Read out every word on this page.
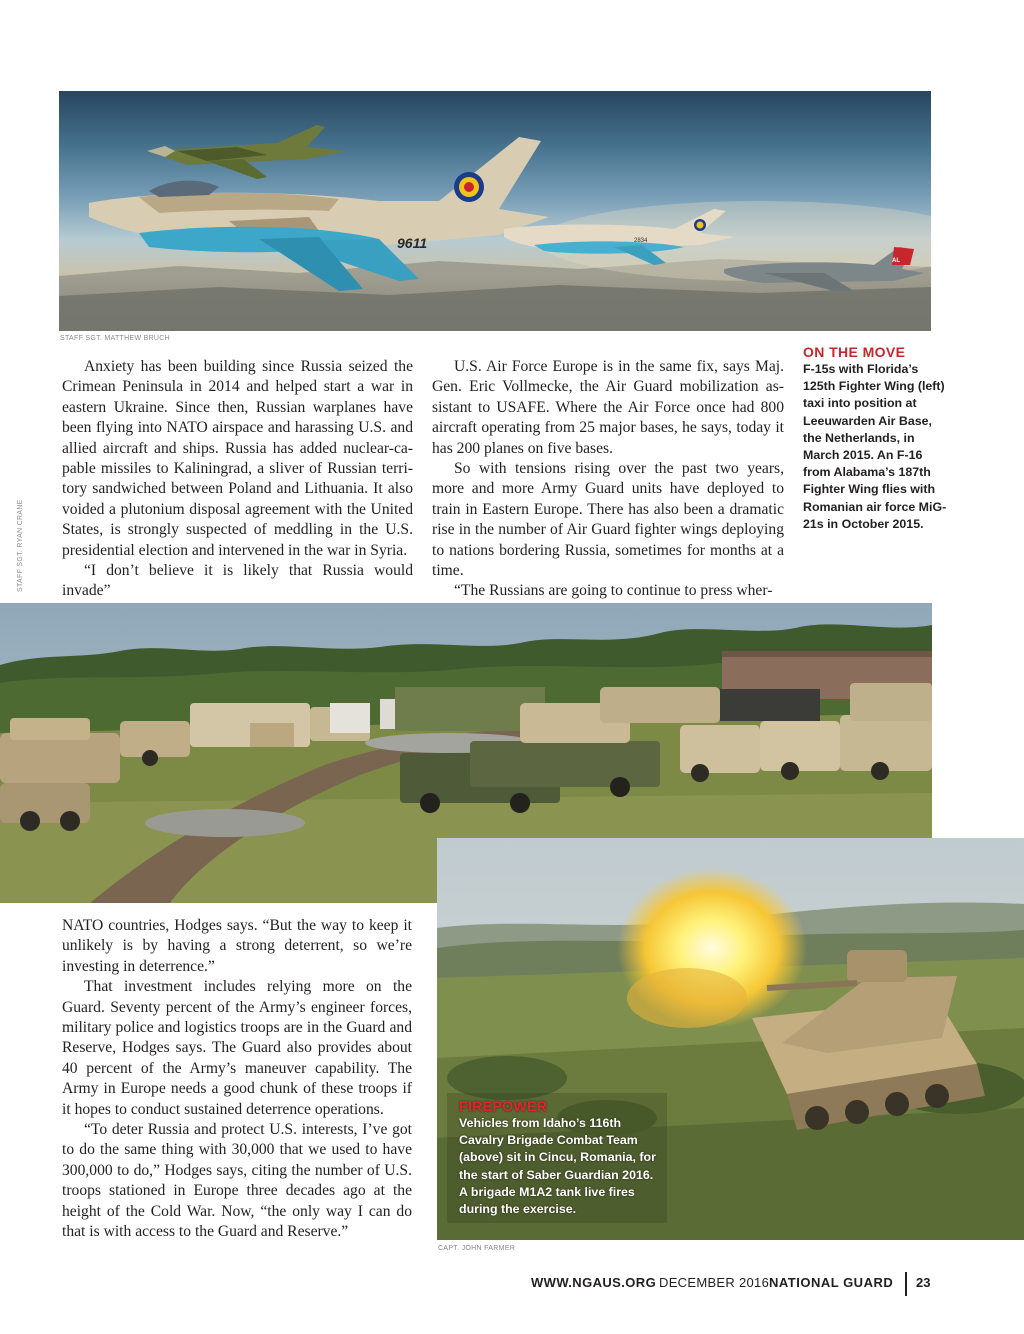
9611	2834
AL
STAFF SGT. MATTHEW BRUCH
ON THE MOVE
F-15s with Florida’s 125th Fighter Wing (left) taxi into position at Leeuwarden Air Base, the Netherlands, in March 2015. An F-16 from Alabama’s 187th Fighter Wing flies with Romanian air force MiG-21s in October 2015.

Anxiety has been building since Russia seized the Crimean Peninsula in 2014 and helped start a war in eastern Ukraine. Since then, Russian warplanes have been flying into NATO airspace and harassing U.S. and allied aircraft and ships. Russia has added nuclear-capable missiles to Kaliningrad, a sliver of Russian territory sandwiched between Poland and Lithuania. It also voided a plutonium disposal agreement with the United States, is strongly suspected of meddling in the U.S. presidential election and intervened in the war in Syria.

“I don’t believe it is likely that Russia would invade”

U.S. Air Force Europe is in the same fix, says Maj. Gen. Eric Vollmecke, the Air Guard mobilization assistant to USAFE. Where the Air Force once had 800 aircraft operating from 25 major bases, he says, today it has 200 planes on five bases.

So with tensions rising over the past two years, more and more Army Guard units have deployed to train in Eastern Europe. There has also been a dramatic rise in the number of Air Guard fighter wings deploying to nations bordering Russia, sometimes for months at a time.

“The Russians are going to continue to press wher-

STAFF SGT. RYAN CRANE
FIREPOWER
Vehicles from Idaho’s 116th Cavalry Brigade Combat Team (above) sit in Cincu, Romania, for the start of Saber Guardian 2016. A brigade M1A2 tank live fires during the exercise.
CAPT. JOHN FARMER

NATO countries, Hodges says. “But the way to keep it unlikely is by having a strong deterrent, so we’re investing in deterrence.”

That investment includes relying more on the Guard. Seventy percent of the Army’s engineer forces, military police and logistics troops are in the Guard and Reserve, Hodges says. The Guard also provides about 40 percent of the Army’s maneuver capability. The Army in Europe needs a good chunk of these troops if it hopes to conduct sustained deterrence operations.

“To deter Russia and protect U.S. interests, I’ve got to do the same thing with 30,000 that we used to have 300,000 to do,” Hodges says, citing the number of U.S. troops stationed in Europe three decades ago at the height of the Cold War. Now, “the only way I can do that is with access to the Guard and Reserve.”

WWW.NGAUS.ORG DECEMBER 2016 NATIONAL GUARD 23
